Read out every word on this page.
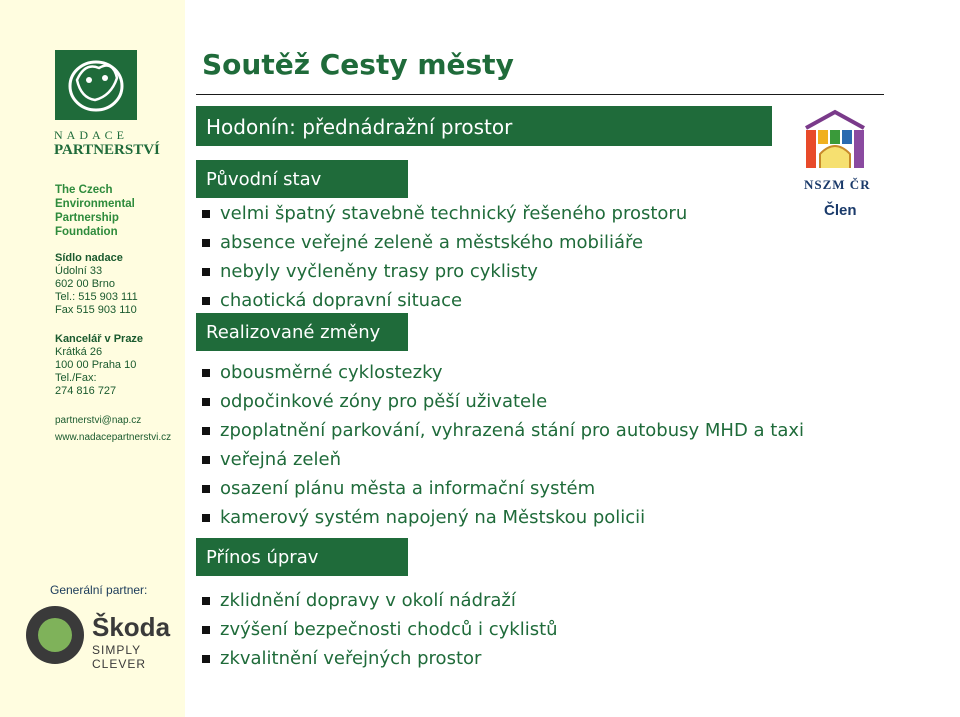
NADACE
PARTNERSTVÍ
The Czech
Environmental
Partnership
Foundation
Sídlo nadace
Údolní 33
602 00 Brno
Tel.: 515 903 111
Fax 515 903 110
Kancelář v Praze
Krátká 26
100 00 Praha 10
Tel./Fax:
274 816 727
partnerstvi@nap.cz
www.nadacepartnerstvi.cz
Generální partner:
Škoda
SIMPLY CLEVER
Soutěž Cesty městy
Hodonín: přednádražní prostor
Původní stav
velmi špatný stavebně technický řešeného prostoru
absence veřejné zeleně a městského mobiliáře
nebyly vyčleněny trasy pro cyklisty
chaotická dopravní situace
Realizované změny
obousměrné cyklostezky
odpočinkové zóny pro pěší uživatele
zpoplatnění parkování, vyhrazená stání pro autobusy MHD a taxi
veřejná zeleň
osazení plánu města a informační systém
kamerový systém napojený na Městskou policii
Přínos úprav
zklidnění dopravy v okolí nádraží
zvýšení bezpečnosti chodců i cyklistů
zkvalitnění veřejných prostor
NSZM ČR
Člen
